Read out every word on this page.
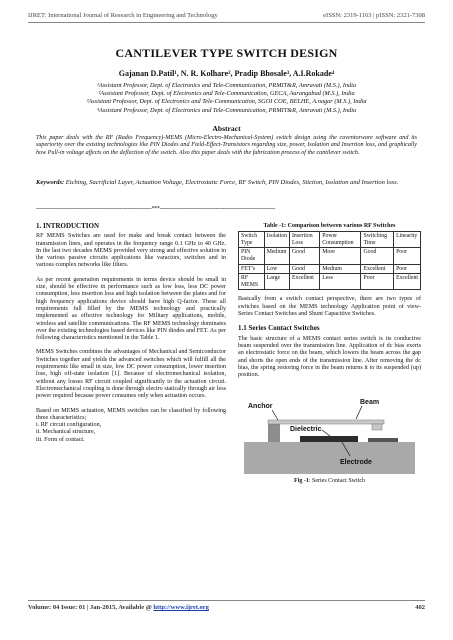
IJRET: International Journal of Research in Engineering and Technology	eISSN: 2319-1163 | pISSN: 2321-7308
CANTILEVER TYPE SWITCH DESIGN
Gajanan D.Patil¹, N. R. Kolhare², Pradip Bhosale³, A.I.Rokade⁴
¹Assistant Professor, Dept. of Electronics and Tele-Communication, PRMIT&R, Amravati (M.S.), India
²Assistant Professor, Dept. of Electronics and Tele-Communication, GECA, Aurangabad (M.S.), India
³Assistant Professor, Dept. of Electronics and Tele-Communication, SGOI COE, BELHE, A.nagar (M.S.), India
⁴Assistant Professor, Dept. of Electronics and Tele-Communication, PRMIT&R, Amravati (M.S.), India
Abstract
This paper deals with the RF (Radio Frequency)-MEMS (Micro-Electro-Mechanical-System) switch design using the coventorware software and its superiority over the existing technologies like PIN Diodes and Field-Effect-Transistors regarding size, power, Isolation and Insertion loss, and graphically how Pull-in voltage affects on the deflection of the switch. Also this paper deals with the fabrication process of the cantilever switch.
Keywords: Etching, Sacrificial Layer, Actuation Voltage, Electrostatic Force, RF Switch, PIN Diodes, Stiction, Isolation and Insertion loss.
--------------------------------------------------------------------***--------------------------------------------------------------------
1. INTRODUCTION

RF MEMS Switches are used for make and break contact between the transmission lines, and operates in the frequency range 0.1 GHz to 40 GHz. In the last two decades MEMS provided very strong and effective solution in the various passive circuits applications like varactors, switches and in various complex networks like filters.

As per recent generation requirements in terms device should be small in size, should be effective in performance such as low loss, less DC power consumption, less insertion loss and high isolation between the plates and for high frequency applications device should have high Q-factor. These all requirements full filled by the MEMS technology and practically implemented as effective technology for Military applications, mobile, wireless and satellite communications. The RF MEMS technology dominates over the existing technologies based devices like PIN diodes and FET. As per following characteristics mentioned in the Table 1.

MEMS Switches combines the advantages of Mechanical and Semiconductor Switches together and yields the advanced switches which will fulfill all the requirements like small in size, low DC power consumption, lower insertion loss, high off-state isolation [1]. Because of electromechanical isolation, without any losses RF circuit coupled significantly to the actuation circuit. Electromechanical coupling is done through electro statically through air less power required because power consumes only when actuation occurs.

Based on MEMS actuation, MEMS switches can be classified by following three characteristics;

i. RF circuit configuration,
ii. Mechanical structure,
iii. Form of contact.
Table -1: Comparison between various RF Switches
Switch Type	Isolation	Insertion Loss	Power Consumption	Switching Time	Linearity
PIN Diode	Medium	Good	More	Good	Poor
FET’s	Low	Good	Medium	Excellent	Poor
RF MEMS	Large	Excellent	Less	Poor	Excellent

Basically from a switch contact perspective, there are two types of switches based on the MEMS technology Application point of view- Series Contact Switches and Shunt Capacitive Switches.

1.1 Series Contact Switches

The basic structure of a MEMS contact series switch is its conductive beam suspended over the transmission line. Application of dc bias exerts an electrostatic force on the beam, which lowers the beam across the gap and shorts the open ends of the transmission line. After removing the dc bias, the spring restoring force in the beam returns it to its suspended (up) position.

Anchor
Beam
Dielectric
Electrode
Fig -1: Series Contact Switch
Volume: 04 Issue: 01 | Jan-2015, Available @ http://www.ijret.org	402
